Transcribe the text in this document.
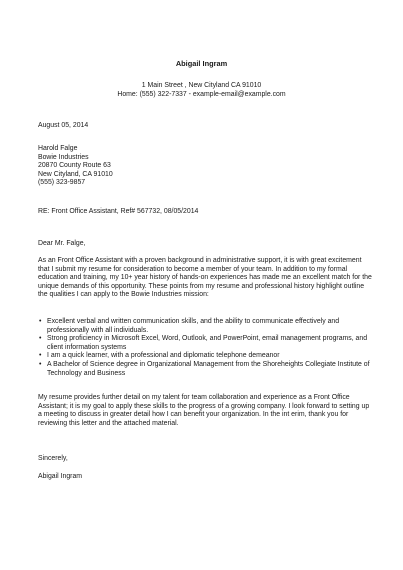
Abigail Ingram
1 Main Street , New Cityland CA 91010
Home: (555) 322-7337 - example-email@example.com
August 05, 2014
Harold Falge
Bowie Industries
20870 County Route 63
New Cityland, CA 91010
(555) 323-9857
RE: Front Office Assistant, Ref# 567732, 08/05/2014
Dear Mr. Falge,
As an Front Office Assistant with a proven background in administrative support, it is with great excitement
that I submit my resume for consideration to become a member of your team. In addition to my formal
education and training, my 10+ year history of hands-on experiences has made me an excellent match for the
unique demands of this opportunity. These points from my resume and professional history highlight outline
the qualities I can apply to the Bowie Industries mission:
• Excellent verbal and written communication skills, and the ability to communicate effectively and
professionally with all individuals.
• Strong proficiency in Microsoft Excel, Word, Outlook, and PowerPoint, email management programs, and
client information systems
• I am a quick learner, with a professional and diplomatic telephone demeanor
• A Bachelor of Science degree in Organizational Management from the Shoreheights Collegiate Institute of
Technology and Business
My resume provides further detail on my talent for team collaboration and experience as a Front Office
Assistant; it is my goal to apply these skills to the progress of a growing company. I look forward to setting up
a meeting to discuss in greater detail how I can benefit your organization. In the int erim, thank you for
reviewing this letter and the attached material.
Sincerely,
Abigail Ingram
